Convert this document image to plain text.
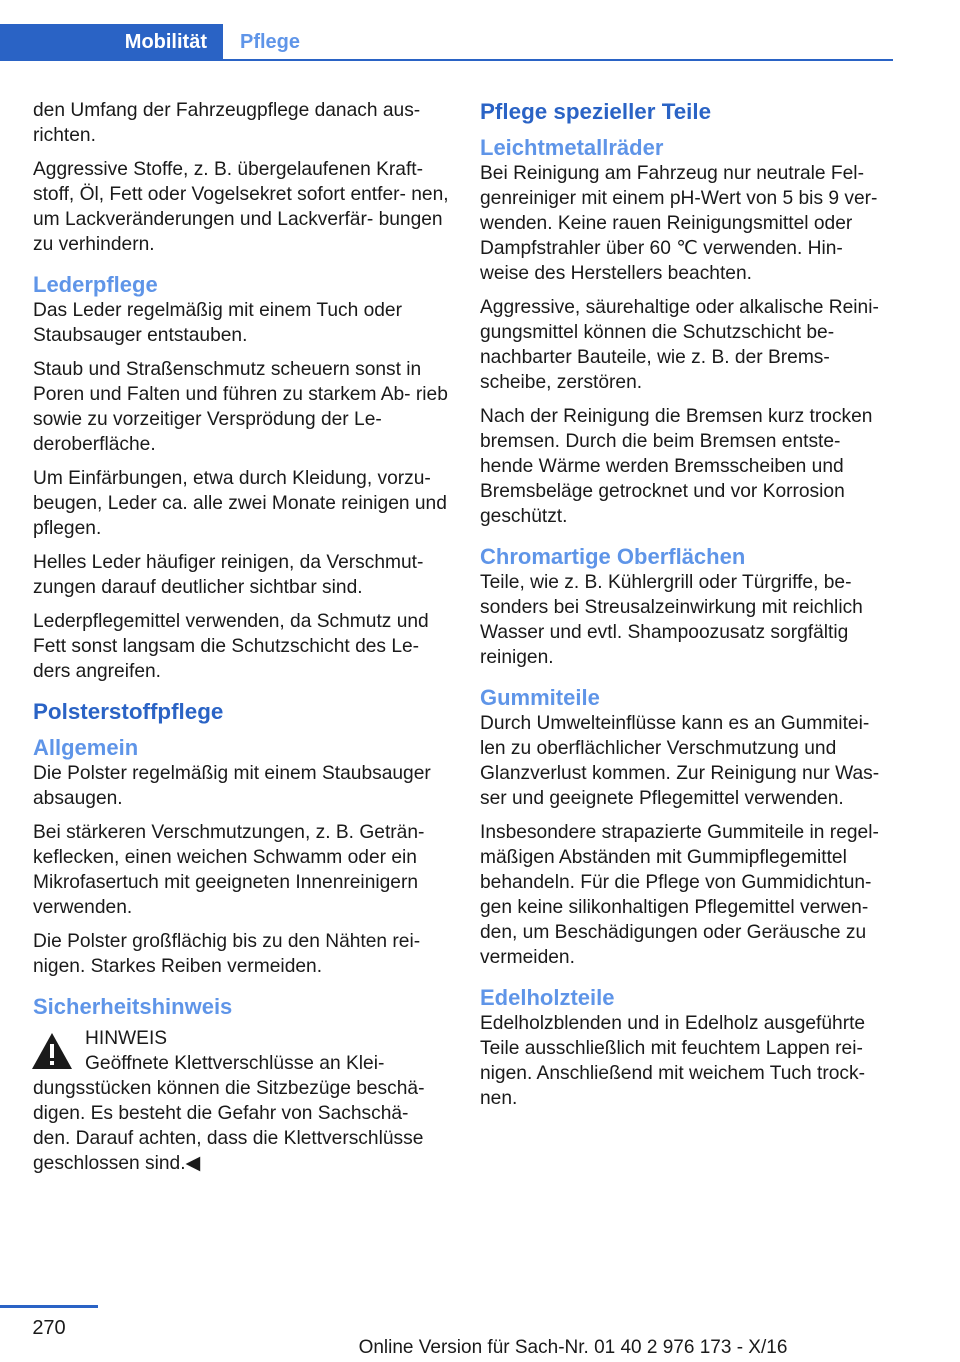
Mobilität Pflege

den Umfang der Fahrzeugpflege danach aus‐ richten.

Aggressive Stoffe, z. B. übergelaufenen Kraft‐ stoff, Öl, Fett oder Vogelsekret sofort entfer‐ nen, um Lackveränderungen und Lackverfär‐ bungen zu verhindern.

Lederpflege

Das Leder regelmäßig mit einem Tuch oder Staubsauger entstauben.

Staub und Straßenschmutz scheuern sonst in Poren und Falten und führen zu starkem Ab‐ rieb sowie zu vorzeitiger Versprödung der Le‐ deroberfläche.

Um Einfärbungen, etwa durch Kleidung, vorzu‐ beugen, Leder ca. alle zwei Monate reinigen und pflegen.

Helles Leder häufiger reinigen, da Verschmut‐ zungen darauf deutlicher sichtbar sind.

Lederpflegemittel verwenden, da Schmutz und Fett sonst langsam die Schutzschicht des Le‐ ders angreifen.

Polsterstoffpflege
Allgemein

Die Polster regelmäßig mit einem Staubsauger absaugen.

Bei stärkeren Verschmutzungen, z. B. Geträn‐ keflecken, einen weichen Schwamm oder ein Mikrofasertuch mit geeigneten Innenreinigern verwenden.

Die Polster großflächig bis zu den Nähten rei‐ nigen. Starkes Reiben vermeiden.

Sicherheitshinweis

HINWEIS

Geöffnete Klettverschlüsse an Klei‐

dungsstücken können die Sitzbezüge beschä‐ digen. Es besteht die Gefahr von Sachschä‐ den. Darauf achten, dass die Klettverschlüsse geschlossen sind.◀

Pflege spezieller Teile
Leichtmetallräder

Bei Reinigung am Fahrzeug nur neutrale Fel‐ genreiniger mit einem pH-Wert von 5 bis 9 ver‐ wenden. Keine rauen Reinigungsmittel oder Dampfstrahler über 60 ℃ verwenden. Hin‐ weise des Herstellers beachten.

Aggressive, säurehaltige oder alkalische Reini‐ gungsmittel können die Schutzschicht be‐ nachbarter Bauteile, wie z. B. der Brems‐ scheibe, zerstören.

Nach der Reinigung die Bremsen kurz trocken bremsen. Durch die beim Bremsen entste‐ hende Wärme werden Bremsscheiben und Bremsbeläge getrocknet und vor Korrosion geschützt.

Chromartige Oberflächen

Teile, wie z. B. Kühlergrill oder Türgriffe, be‐ sonders bei Streusalzeinwirkung mit reichlich Wasser und evtl. Shampoozusatz sorgfältig reinigen.

Gummiteile

Durch Umwelteinflüsse kann es an Gummitei‐ len zu oberflächlicher Verschmutzung und Glanzverlust kommen. Zur Reinigung nur Was‐ ser und geeignete Pflegemittel verwenden.

Insbesondere strapazierte Gummiteile in regel‐ mäßigen Abständen mit Gummipflegemittel behandeln. Für die Pflege von Gummidichtun‐ gen keine silikonhaltigen Pflegemittel verwen‐ den, um Beschädigungen oder Geräusche zu vermeiden.

Edelholzteile

Edelholzblenden und in Edelholz ausgeführte Teile ausschließlich mit feuchtem Lappen rei‐ nigen. Anschließend mit weichem Tuch trock‐ nen.

270
Online Version für Sach-Nr. 01 40 2 976 173 - X/16
